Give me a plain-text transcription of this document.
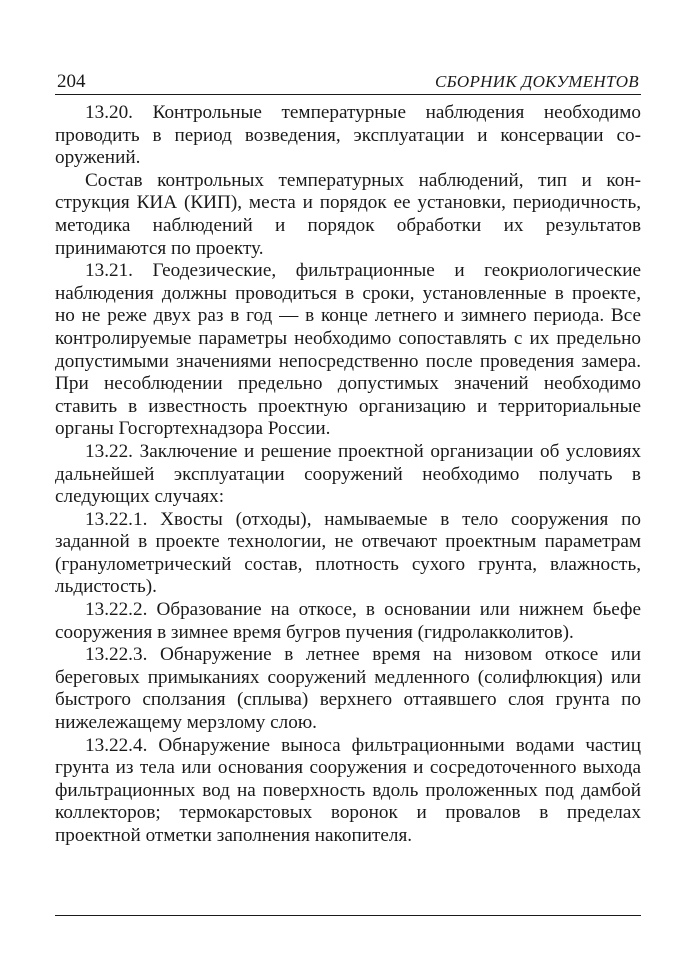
204	СБОРНИК ДОКУМЕНТОВ

13.20. Контрольные температурные наблюдения необходимо проводить в период возведения, эксплуатации и консервации сооружений.

Состав контрольных температурных наблюдений, тип и конструкция КИА (КИП), места и порядок ее установки, периодичность, методика наблюдений и порядок обработки их результатов принимаются по проекту.

13.21. Геодезические, фильтрационные и геокриологические наблюдения должны проводиться в сроки, установленные в проекте, но не реже двух раз в год — в конце летнего и зимнего периода. Все контролируемые параметры необходимо сопоставлять с их предельно допустимыми значениями непосредственно после проведения замера. При несоблюдении предельно допустимых значений необходимо ставить в известность проектную организацию и территориальные органы Госгортехнадзора России.

13.22. Заключение и решение проектной организации об условиях дальнейшей эксплуатации сооружений необходимо получать в следующих случаях:

13.22.1. Хвосты (отходы), намываемые в тело сооружения по заданной в проекте технологии, не отвечают проектным параметрам (гранулометрический состав, плотность сухого грунта, влажность, льдистость).

13.22.2. Образование на откосе, в основании или нижнем бьефе сооружения в зимнее время бугров пучения (гидролакколитов).

13.22.3. Обнаружение в летнее время на низовом откосе или береговых примыканиях сооружений медленного (солифлюкция) или быстрого сползания (сплыва) верхнего оттаявшего слоя грунта по нижележащему мерзлому слою.

13.22.4. Обнаружение выноса фильтрационными водами частиц грунта из тела или основания сооружения и сосредоточенного выхода фильтрационных вод на поверхность вдоль проложенных под дамбой коллекторов; термокарстовых воронок и провалов в пределах проектной отметки заполнения накопителя.
